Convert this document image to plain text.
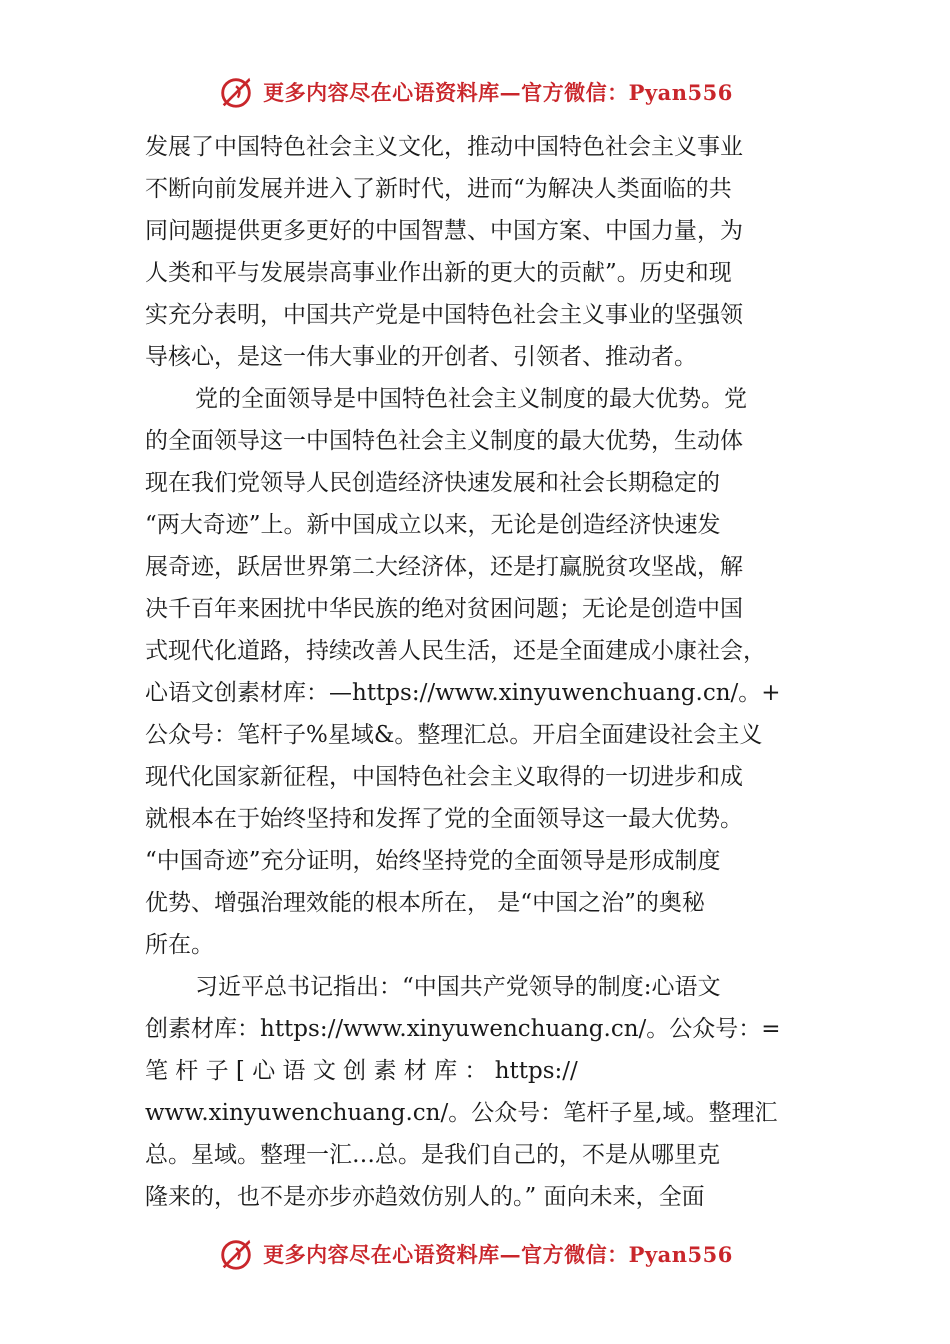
更多内容尽在心语资料库—官方微信：Pyan556

发展了中国特色社会主义文化，推动中国特色社会主义事业
不断向前发展并进入了新时代，进而“为解决人类面临的共
同问题提供更多更好的中国智慧、中国方案、中国力量，为
人类和平与发展崇高事业作出新的更大的贡献”。历史和现
实充分表明，中国共产党是中国特色社会主义事业的坚强领
导核心，是这一伟大事业的开创者、引领者、推动者。

党的全面领导是中国特色社会主义制度的最大优势。党
的全面领导这一中国特色社会主义制度的最大优势，生动体
现在我们党领导人民创造经济快速发展和社会长期稳定的
“两大奇迹”上。新中国成立以来，无论是创造经济快速发
展奇迹，跃居世界第二大经济体，还是打赢脱贫攻坚战，解
决千百年来困扰中华民族的绝对贫困问题；无论是创造中国
式现代化道路，持续改善人民生活，还是全面建成小康社会，
心语文创素材库：—https://www.xinyuwenchuang.cn/。+
公众号：笔杆子%星域&。整理汇总。开启全面建设社会主义
现代化国家新征程，中国特色社会主义取得的一切进步和成
就根本在于始终坚持和发挥了党的全面领导这一最大优势。
“中国奇迹”充分证明，始终坚持党的全面领导是形成制度
优势、增强治理效能的根本所在， 是“中国之治”的奥秘
所在。

习近平总书记指出：“中国共产党领导的制度:心语文
创素材库：https://www.xinyuwenchuang.cn/。公众号：=
笔 杆 子 [ 心 语 文 创 素 材 库 ： https://
www.xinyuwenchuang.cn/。公众号：笔杆子星,域。整理汇
总。星域。整理一汇…总。是我们自己的，不是从哪里克
隆来的，也不是亦步亦趋效仿别人的。” 面向未来，全面

更多内容尽在心语资料库—官方微信：Pyan556
